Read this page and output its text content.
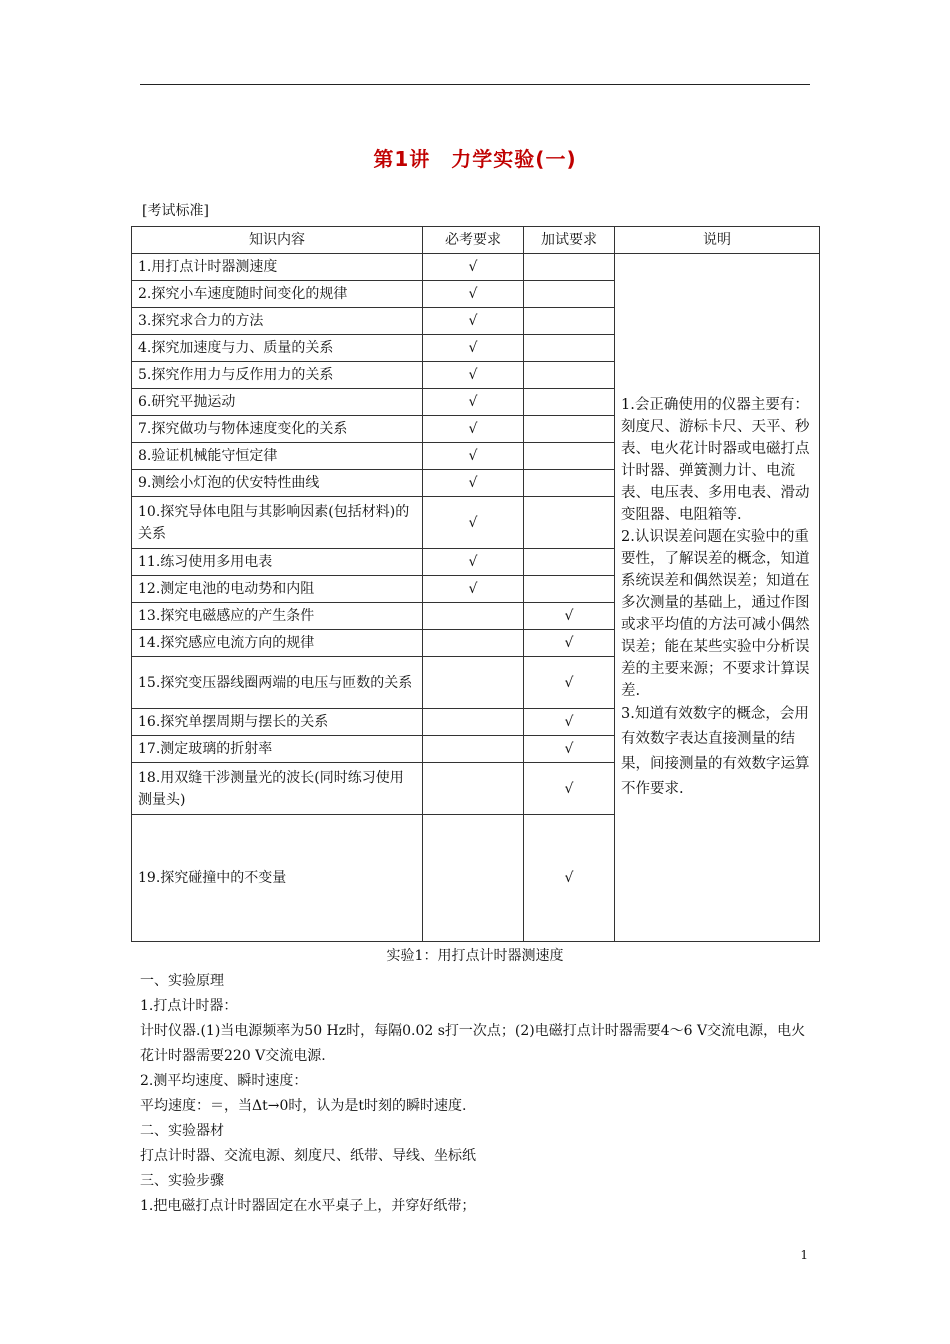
第1讲　力学实验(一)
[考试标准]
知识内容	必考要求	加试要求	说明
1.用打点计时器测速度	√		1.会正确使用的仪器主要有：刻度尺、游标卡尺、天平、秒表、电火花计时器或电磁打点计时器、弹簧测力计、电流表、电压表、多用电表、滑动变阻器、电阻箱等.

2.认识误差问题在实验中的重要性，了解误差的概念，知道系统误差和偶然误差；知道在多次测量的基础上，通过作图或求平均值的方法可减小偶然误差；能在某些实验中分析误差的主要来源；不要求计算误差.

3.知道有效数字的概念，会用有效数字表达直接测量的结果，间接测量的有效数字运算不作要求.

2.探究小车速度随时间变化的规律	√		
3.探究求合力的方法	√		
4.探究加速度与力、质量的关系	√		
5.探究作用力与反作用力的关系	√		
6.研究平抛运动	√		
7.探究做功与物体速度变化的关系	√		
8.验证机械能守恒定律	√		
9.测绘小灯泡的伏安特性曲线	√		
10.探究导体电阻与其影响因素(包括材料)的关系	√		
11.练习使用多用电表	√		
12.测定电池的电动势和内阻	√		
13.探究电磁感应的产生条件		√	
14.探究感应电流方向的规律		√	
15.探究变压器线圈两端的电压与匝数的关系		√	
16.探究单摆周期与摆长的关系		√	
17.测定玻璃的折射率		√	
18.用双缝干涉测量光的波长(同时练习使用测量头)		√	
19.探究碰撞中的不变量		√	
实验1：用打点计时器测速度

一、实验原理

1.打点计时器：

计时仪器.(1)当电源频率为50 Hz时，每隔0.02 s打一次点；(2)电磁打点计时器需要4～6 V交流电源，电火花计时器需要220 V交流电源.

2.测平均速度、瞬时速度：

平均速度：＝，当Δt→0时，认为是t时刻的瞬时速度.

二、实验器材

打点计时器、交流电源、刻度尺、纸带、导线、坐标纸

三、实验步骤

1.把电磁打点计时器固定在水平桌子上，并穿好纸带；

1
